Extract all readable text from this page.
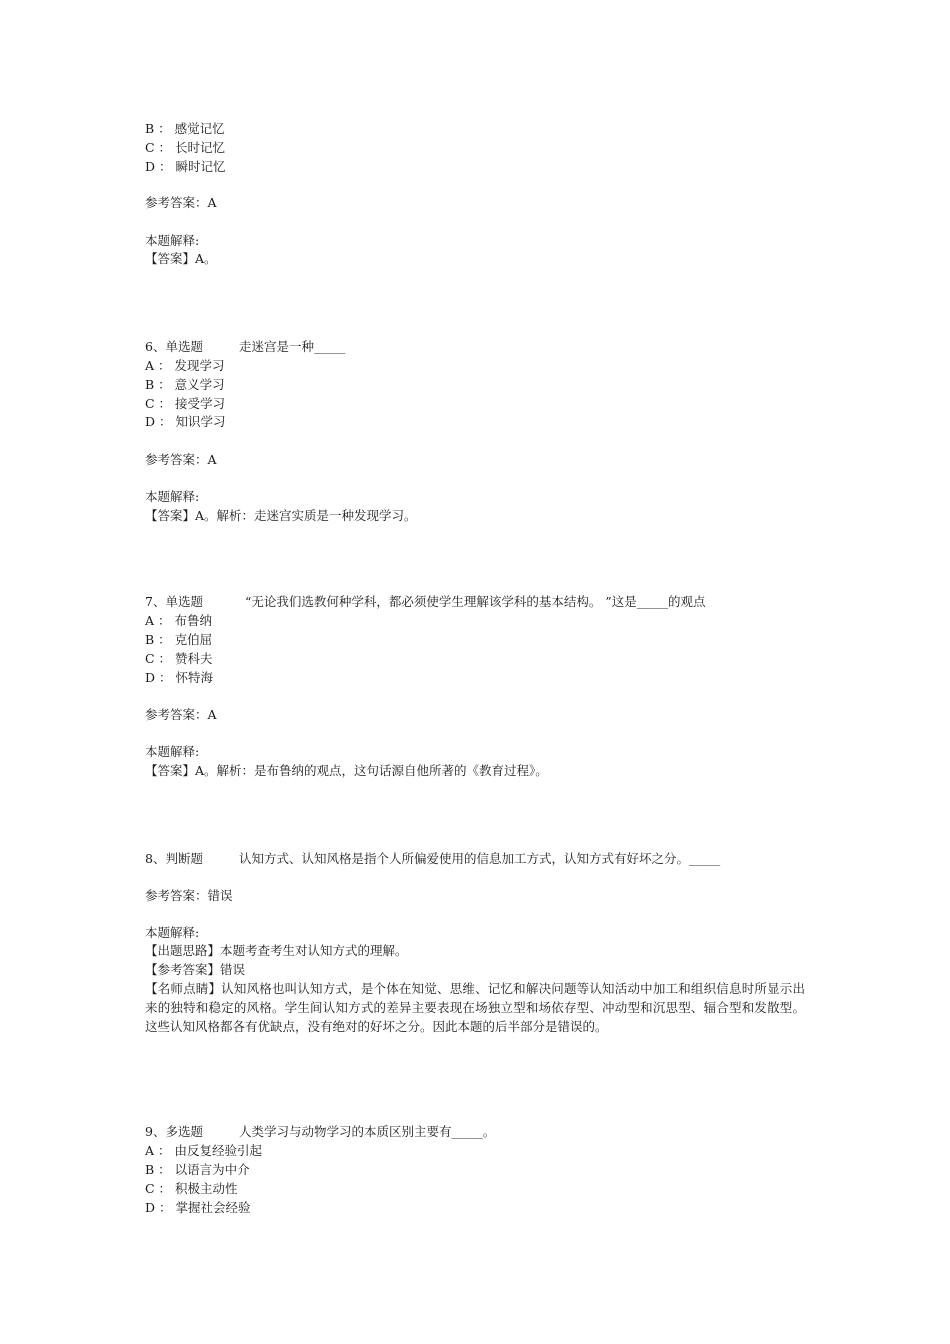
B ： 感觉记忆
C ： 长时记忆
D ： 瞬时记忆
参考答案：A
本题解释:
【答案】A。
6、单选题	走迷宫是一种_____
A ： 发现学习
B ： 意义学习
C ： 接受学习
D ： 知识学习
参考答案：A
本题解释:
【答案】A。解析：走迷宫实质是一种发现学习。
7、单选题	“无论我们选教何种学科，都必须使学生理解该学科的基本结构。 ”这是_____的观点
A ： 布鲁纳
B ： 克伯屈
C ： 赞科夫
D ： 怀特海
参考答案：A
本题解释:
【答案】A。解析：是布鲁纳的观点，这句话源自他所著的《教育过程》。
8、判断题	认知方式、认知风格是指个人所偏爱使用的信息加工方式，认知方式有好坏之分。_____
参考答案：错误
本题解释:
【出题思路】本题考查考生对认知方式的理解。
【参考答案】错误
【名师点睛】认知风格也叫认知方式，是个体在知觉、思维、记忆和解决问题等认知活动中加工和组织信息时所显示出来的独特和稳定的风格。学生间认知方式的差异主要表现在场独立型和场依存型、冲动型和沉思型、辐合型和发散型。这些认知风格都各有优缺点，没有绝对的好坏之分。因此本题的后半部分是错误的。
9、多选题	人类学习与动物学习的本质区别主要有_____。
A ： 由反复经验引起
B ： 以语言为中介
C ： 积极主动性
D ： 掌握社会经验
